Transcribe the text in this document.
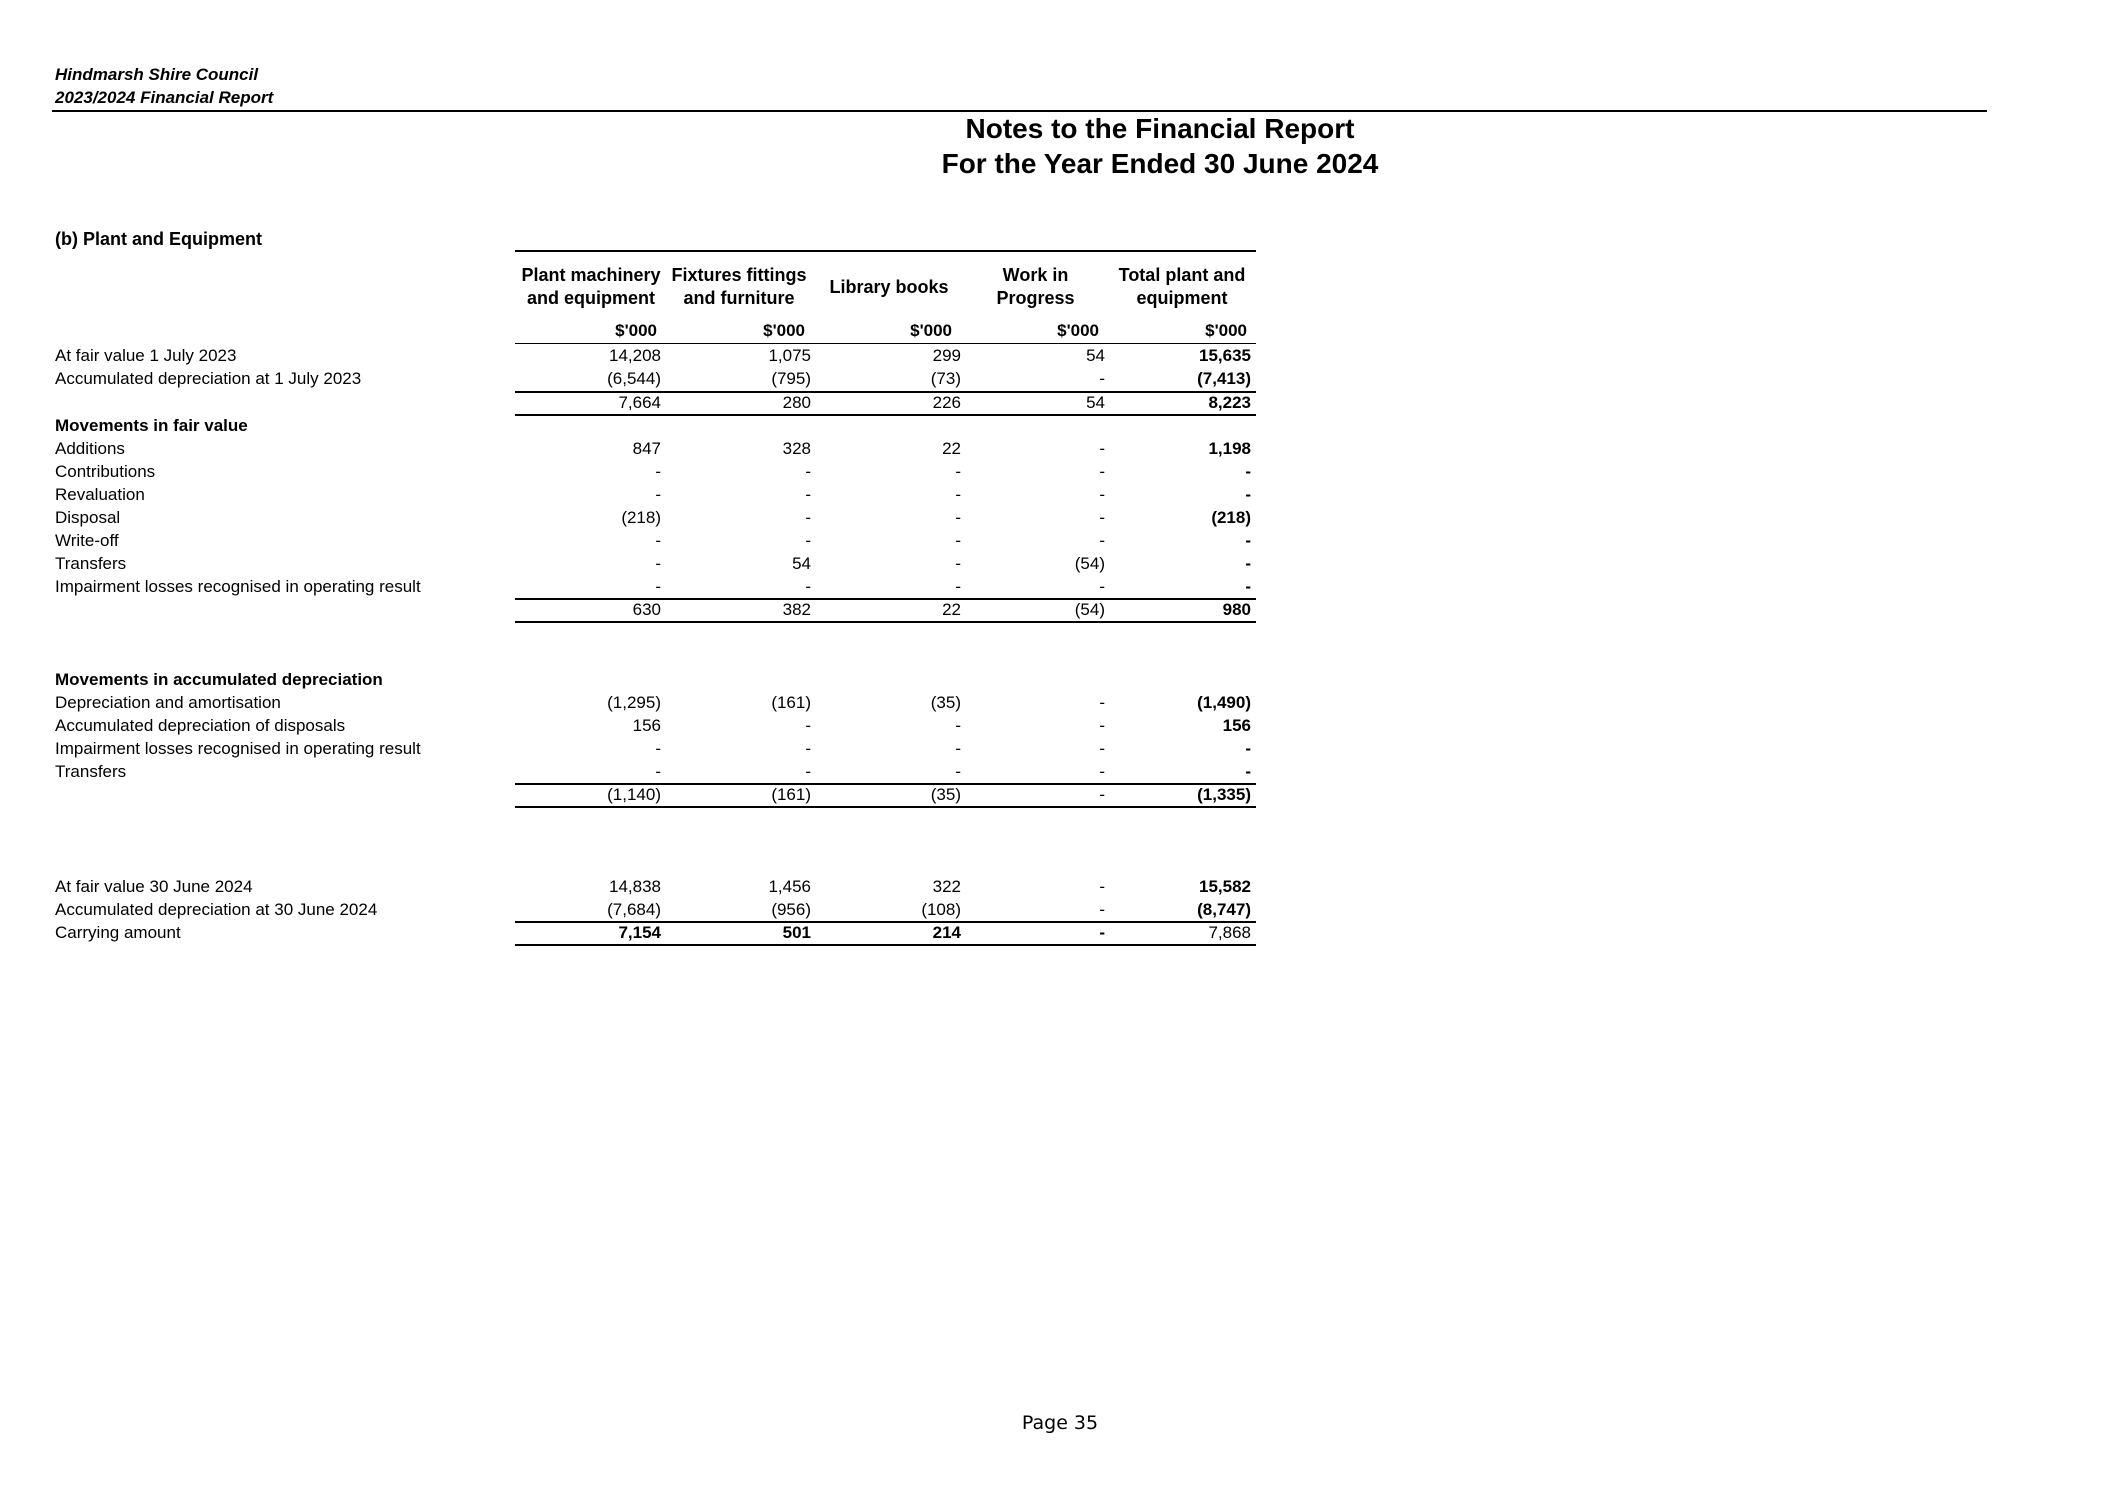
Hindmarsh Shire Council
2023/2024 Financial Report
Notes to the Financial Report
For the Year Ended 30 June 2024
(b) Plant and Equipment
Plant machinery
and equipment
Fixtures fittings
and furniture
Library books
Work in
Progress
Total plant and
equipment
$'000	$'000	$'000	$'000	$'000
At fair value 1 July 2023	14,208	1,075	299	54	15,635
Accumulated depreciation at 1 July 2023	(6,544)	(795)	(73)	-	(7,413)
7,664	280	226	54	8,223
Movements in fair value
Additions	847	328	22	-	1,198
Contributions	-	-	-	-	-
Revaluation	-	-	-	-	-
Disposal	(218)	-	-	-	(218)
Write-off	-	-	-	-	-
Transfers	-	54	-	(54)	-
Impairment losses recognised in operating result	-	-	-	-	-
630	382	22	(54)	980
Movements in accumulated depreciation
Depreciation and amortisation	(1,295)	(161)	(35)	-	(1,490)
Accumulated depreciation of disposals	156	-	-	-	156
Impairment losses recognised in operating result	-	-	-	-	-
Transfers	-	-	-	-	-
(1,140)	(161)	(35)	-	(1,335)
At fair value 30 June 2024	14,838	1,456	322	-	15,582
Accumulated depreciation at 30 June 2024	(7,684)	(956)	(108)	-	(8,747)
Carrying amount	7,154	501	214	-	7,868
Page 35
